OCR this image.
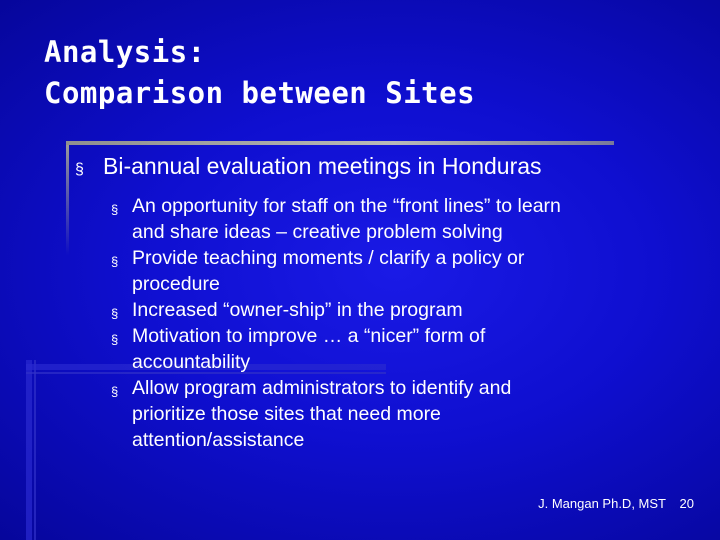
Analysis:
Comparison between Sites
§ Bi-annual evaluation meetings in Honduras
§ An opportunity for staff on the “front lines” to learn
and share ideas – creative problem solving
§ Provide teaching moments / clarify a policy or
procedure
§ Increased “owner-ship” in the program
§ Motivation to improve … a “nicer” form of
accountability
§ Allow program administrators to identify and
prioritize those sites that need more
attention/assistance
J. Mangan Ph.D, MST 20
